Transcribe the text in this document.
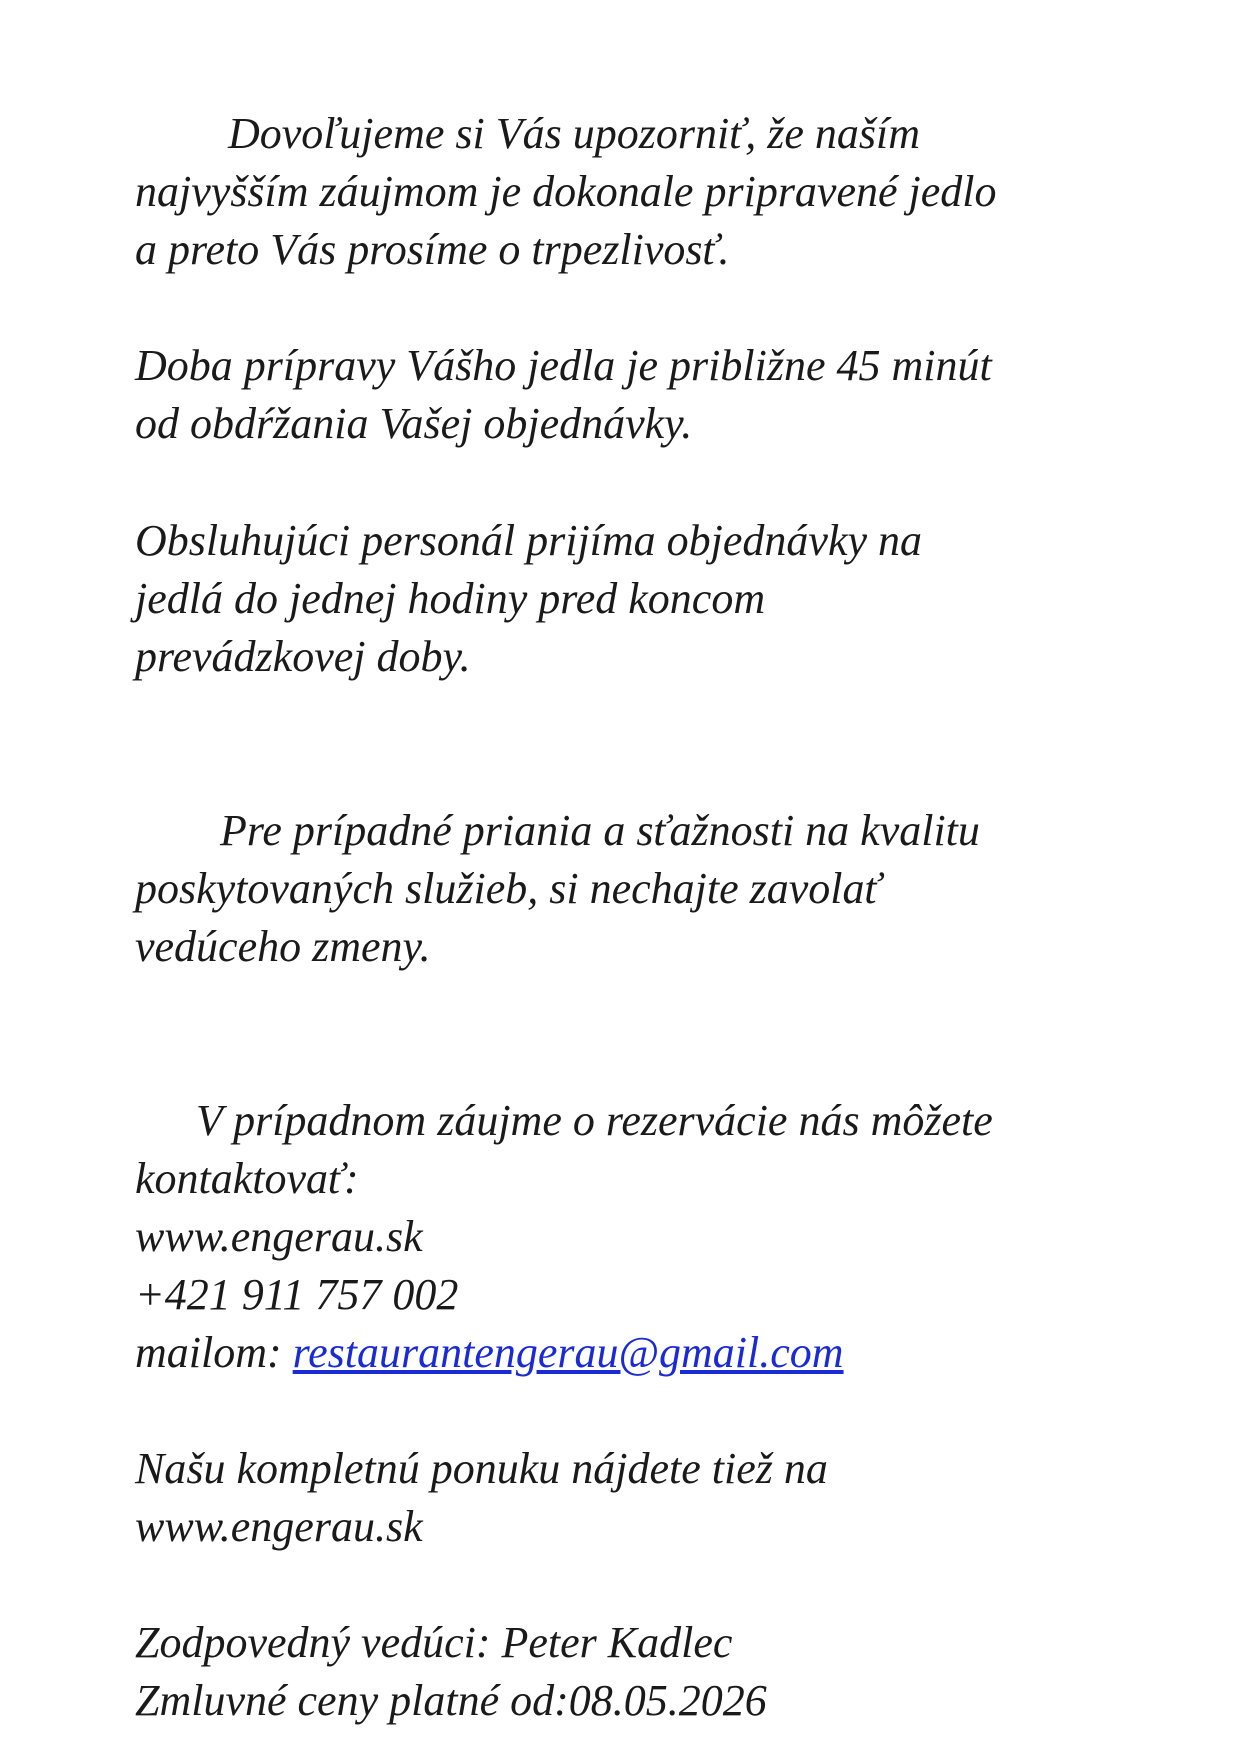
Dovoľujeme si Vás upozorniť, že naším
najvyšším záujmom je dokonale pripravené jedlo
a preto Vás prosíme o trpezlivosť.
Doba prípravy Vášho jedla je približne 45 minút
od obdŕžania Vašej objednávky.
Obsluhujúci personál prijíma objednávky na
jedlá do jednej hodiny pred koncom
prevádzkovej doby.
Pre prípadné priania a sťažnosti na kvalitu
poskytovaných služieb, si nechajte zavolať
vedúceho zmeny.
V prípadnom záujme o rezervácie nás môžete
kontaktovať:
www.engerau.sk
+421 911 757 002
mailom: restaurantengerau@gmail.com
Našu kompletnú ponuku nájdete tiež na
www.engerau.sk
Zodpovedný vedúci: Peter Kadlec
Zmluvné ceny platné od:08.05.2026
